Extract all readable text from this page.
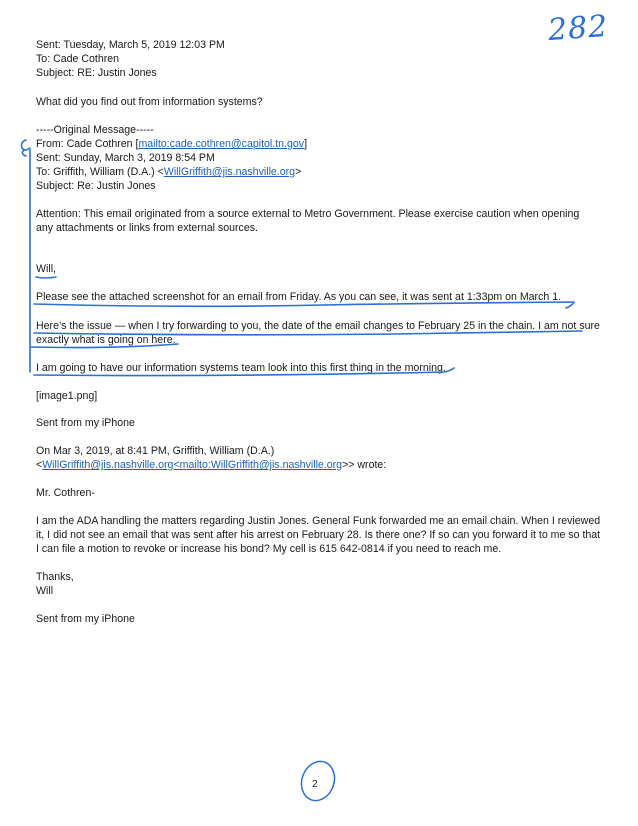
282
Sent: Tuesday, March 5, 2019 12:03 PM
To: Cade Cothren
Subject: RE: Justin Jones
What did you find out from information systems?
-----Original Message-----
From: Cade Cothren [mailto:cade.cothren@capitol.tn.gov]
Sent: Sunday, March 3, 2019 8:54 PM
To: Griffith, William (D.A.) <WillGriffith@jis.nashville.org>
Subject: Re: Justin Jones
Attention: This email originated from a source external to Metro Government. Please exercise caution when opening
any attachments or links from external sources.
Will,
Please see the attached screenshot for an email from Friday. As you can see, it was sent at 1:33pm on March 1.
Here’s the issue — when I try forwarding to you, the date of the email changes to February 25 in the chain. I am not sure
exactly what is going on here.
I am going to have our information systems team look into this first thing in the morning.
[image1.png]
Sent from my iPhone
On Mar 3, 2019, at 8:41 PM, Griffith, William (D.A.)
<WillGriffith@jis.nashville.org<mailto:WillGriffith@jis.nashville.org>> wrote:
Mr. Cothren-
I am the ADA handling the matters regarding Justin Jones. General Funk forwarded me an email chain. When I reviewed
it, I did not see an email that was sent after his arrest on February 28. Is there one? If so can you forward it to me so that
I can file a motion to revoke or increase his bond? My cell is 615 642-0814 if you need to reach me.
Thanks,
Will
Sent from my iPhone
2
